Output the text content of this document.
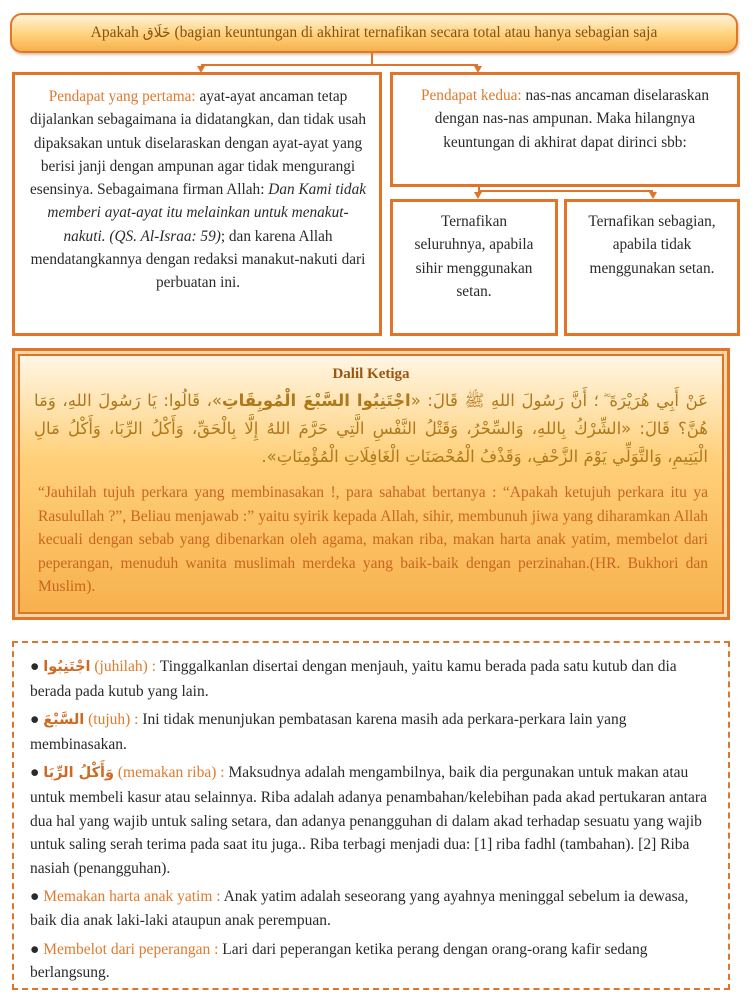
Apakah خَلَاق (bagian keuntungan di akhirat ternafikan secara total atau hanya sebagian saja
Pendapat yang pertama: ayat-ayat ancaman tetap dijalankan sebagaimana ia didatangkan, dan tidak usah dipaksakan untuk diselaraskan dengan ayat-ayat yang berisi janji dengan ampunan agar tidak mengurangi esensinya. Sebagaimana firman Allah: Dan Kami tidak memberi ayat-ayat itu melainkan untuk menakut-nakuti. (QS. Al-Israa: 59); dan karena Allah mendatangkannya dengan redaksi manakut-nakuti dari perbuatan ini.
Pendapat kedua: nas-nas ancaman diselaraskan dengan nas-nas ampunan. Maka hilangnya keuntungan di akhirat dapat dirinci sbb:
Ternafikan seluruhnya, apabila sihir menggunakan setan.
Ternafikan sebagian, apabila tidak menggunakan setan.
Dalil Ketiga
عَنْ أَبِي هُرَيْرَةَ ؓ ؛ أَنَّ رَسُولَ اللهِ ﷺ قَالَ: «اجْتَنِبُوا السَّبْعَ الْمُوبِقَاتِ»، قَالُوا: يَا رَسُولَ اللهِ، وَمَا هُنَّ؟ قَالَ: «الشِّرْكُ بِاللهِ، وَالسِّحْرُ، وَقَتْلُ النَّفْسِ الَّتِي حَرَّمَ اللهُ إِلَّا بِالْحَقِّ، وَأَكْلُ الرِّبَا، وَأَكْلُ مَالِ الْيَتِيمِ، وَالتَّوَلِّي يَوْمَ الزَّحْفِ، وَقَذْفُ الْمُحْصَنَاتِ الْغَافِلَاتِ الْمُؤْمِنَاتِ».
“Jauhilah tujuh perkara yang membinasakan !, para sahabat bertanya : “Apakah ketujuh perkara itu ya Rasulullah ?”, Beliau menjawab :” yaitu syirik kepada Allah, sihir, membunuh jiwa yang diharamkan Allah kecuali dengan sebab yang dibenarkan oleh agama, makan riba, makan harta anak yatim, membelot dari peperangan, menuduh wanita muslimah merdeka yang baik-baik dengan perzinahan.(HR. Bukhori dan Muslim).

● اجْتَنِبُوا (juhilah) : Tinggalkanlan disertai dengan menjauh, yaitu kamu berada pada satu kutub dan dia berada pada kutub yang lain.

● السَّبْعَ (tujuh) : Ini tidak menunjukan pembatasan karena masih ada perkara-perkara lain yang membinasakan.

● وَأَكْلُ الرِّبَا (memakan riba) : Maksudnya adalah mengambilnya, baik dia pergunakan untuk makan atau untuk membeli kasur atau selainnya. Riba adalah adanya penambahan/kelebihan pada akad pertukaran antara dua hal yang wajib untuk saling setara, dan adanya penangguhan di dalam akad terhadap sesuatu yang wajib untuk saling serah terima pada saat itu juga.. Riba terbagi menjadi dua: [1] riba fadhl (tambahan). [2] Riba nasiah (penangguhan).

● Memakan harta anak yatim : Anak yatim adalah seseorang yang ayahnya meninggal sebelum ia dewasa, baik dia anak laki-laki ataupun anak perempuan.

● Membelot dari peperangan : Lari dari peperangan ketika perang dengan orang-orang kafir sedang berlangsung.
